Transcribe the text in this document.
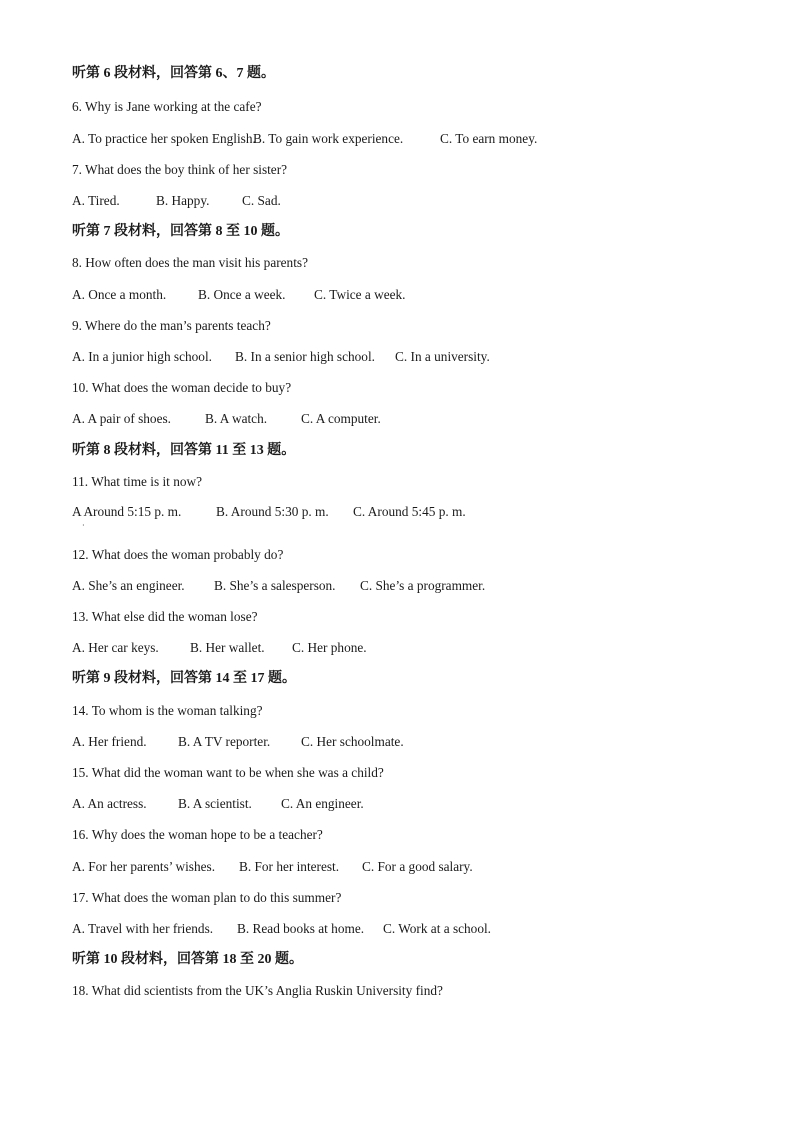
听第 6 段材料，回答第 6、7 题。
6. Why is Jane working at the cafe?
A. To practice her spoken English.B. To gain work experience.	C. To earn money.
7. What does the boy think of her sister?
A. Tired.	B. Happy. C. Sad.
听第 7 段材料，回答第 8 至 10 题。
8. How often does the man visit his parents?
A. Once a month. B. Once a week. C. Twice a week.
9. Where do the man’s parents teach?
A. In a junior high school. B. In a senior high school. C. In a university.
10. What does the woman decide to buy?
A. A pair of shoes.	B. A watch.	C. A computer.
听第 8 段材料，回答第 11 至 13 题。
11. What time is it now?
A Around 5:15 p. m.	B. Around 5:30 p. m. C. Around 5:45 p. m.
·
12. What does the woman probably do?
A. She’s an engineer. B. She’s a salesperson. C. She’s a programmer.
13. What else did the woman lose?
A. Her car keys. B. Her wallet. C. Her phone.
听第 9 段材料，回答第 14 至 17 题。
14. To whom is the woman talking?
A. Her friend. B. A TV reporter. C. Her schoolmate.
15. What did the woman want to be when she was a child?
A. An actress. B. A scientist. C. An engineer.
16. Why does the woman hope to be a teacher?
A. For her parents’ wishes. B. For her interest. C. For a good salary.
17. What does the woman plan to do this summer?
A. Travel with her friends. B. Read books at home. C. Work at a school.
听第 10 段材料，回答第 18 至 20 题。
18. What did scientists from the UK’s Anglia Ruskin University find?
